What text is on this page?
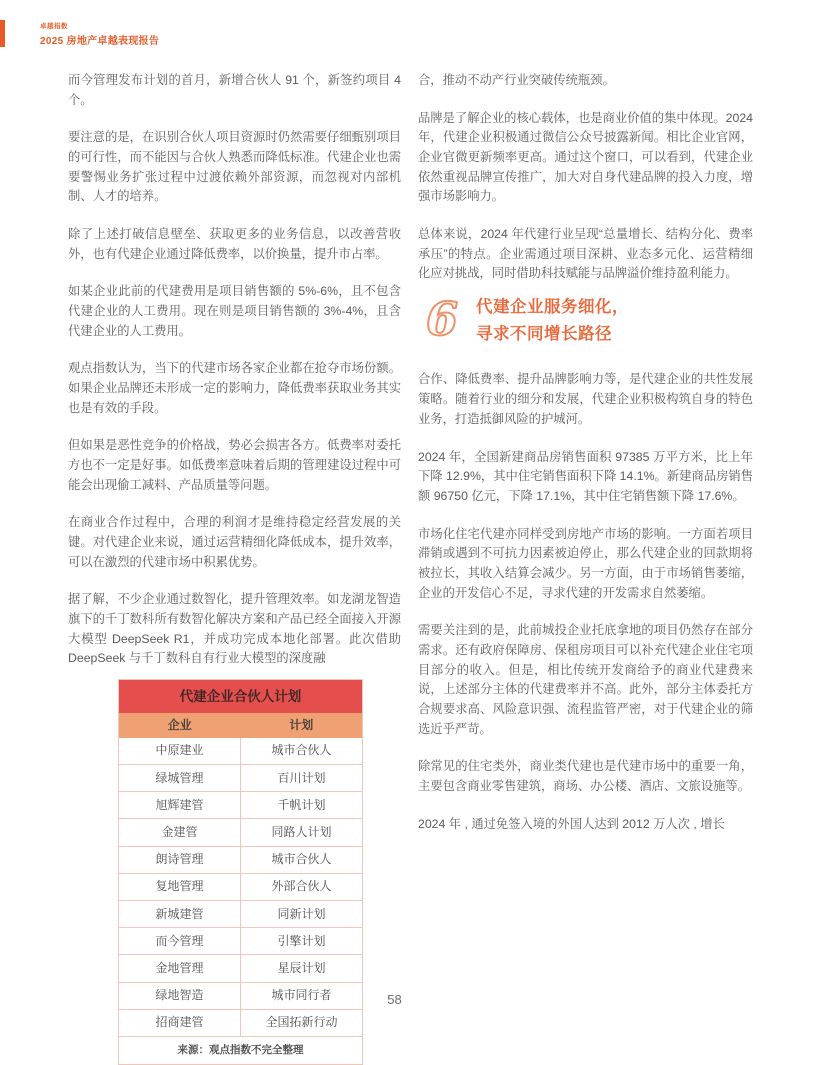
卓越指数
2025 房地产卓越表现报告

而今管理发布计划的首月，新增合伙人 91 个，新签约项目 4 个。

要注意的是，在识别合伙人项目资源时仍然需要仔细甄别项目的可行性，而不能因与合伙人熟悉而降低标准。代建企业也需要警惕业务扩张过程中过渡依赖外部资源，而忽视对内部机制、人才的培养。

除了上述打破信息壁垒、获取更多的业务信息，以改善营收外，也有代建企业通过降低费率，以价换量，提升市占率。

如某企业此前的代建费用是项目销售额的 5%-6%，且不包含代建企业的人工费用。现在则是项目销售额的 3%-4%，且含代建企业的人工费用。

观点指数认为，当下的代建市场各家企业都在抢夺市场份额。如果企业品牌还未形成一定的影响力，降低费率获取业务其实也是有效的手段。

但如果是恶性竞争的价格战，势必会损害各方。低费率对委托方也不一定是好事。如低费率意味着后期的管理建设过程中可能会出现偷工减料、产品质量等问题。

在商业合作过程中，合理的利润才是维持稳定经营发展的关键。对代建企业来说，通过运营精细化降低成本，提升效率，可以在激烈的代建市场中积累优势。

据了解，不少企业通过数智化，提升管理效率。如龙湖龙智造旗下的千丁数科所有数智化解决方案和产品已经全面接入开源大模型 DeepSeek R1，并成功完成本地化部署。此次借助 DeepSeek 与千丁数科自有行业大模型的深度融

代建企业合伙人计划	
企业	计划
中原建业	城市合伙人
绿城管理	百川计划
旭辉建管	千帆计划
金建管	同路人计划
朗诗管理	城市合伙人
复地管理	外部合伙人
新城建管	同新计划
而今管理	引擎计划
金地管理	星辰计划
绿地智造	城市同行者
招商建管	全国拓新行动
来源：观点指数不完全整理	

合，推动不动产行业突破传统瓶颈。

品牌是了解企业的核心载体，也是商业价值的集中体现。2024 年，代建企业积极通过微信公众号披露新闻。相比企业官网，企业官微更新频率更高。通过这个窗口，可以看到，代建企业依然重视品牌宣传推广，加大对自身代建品牌的投入力度，增强市场影响力。

总体来说，2024 年代建行业呈现“总量增长、结构分化、费率承压”的特点。企业需通过项目深耕、业态多元化、运营精细化应对挑战，同时借助科技赋能与品牌溢价维持盈利能力。

6 代建企业服务细化，
寻求不同增长路径

合作、降低费率、提升品牌影响力等，是代建企业的共性发展策略。随着行业的细分和发展，代建企业积极构筑自身的特色业务，打造抵御风险的护城河。

2024 年，全国新建商品房销售面积 97385 万平方米，比上年下降 12.9%，其中住宅销售面积下降 14.1%。新建商品房销售额 96750 亿元，下降 17.1%，其中住宅销售额下降 17.6%。

市场化住宅代建亦同样受到房地产市场的影响。一方面若项目滞销或遇到不可抗力因素被迫停止，那么代建企业的回款期将被拉长，其收入结算会减少。另一方面，由于市场销售萎缩，企业的开发信心不足，寻求代建的开发需求自然萎缩。

需要关注到的是，此前城投企业托底拿地的项目仍然存在部分需求。还有政府保障房、保租房项目可以补充代建企业住宅项目部分的收入。但是，相比传统开发商给予的商业代建费来说，上述部分主体的代建费率并不高。此外，部分主体委托方合规要求高、风险意识强、流程监管严密，对于代建企业的筛选近乎严苛。

除常见的住宅类外，商业类代建也是代建市场中的重要一角，主要包含商业零售建筑，商场、办公楼、酒店、文旅设施等。

2024 年 , 通过免签入境的外国人达到 2012 万人次 , 增长

58
